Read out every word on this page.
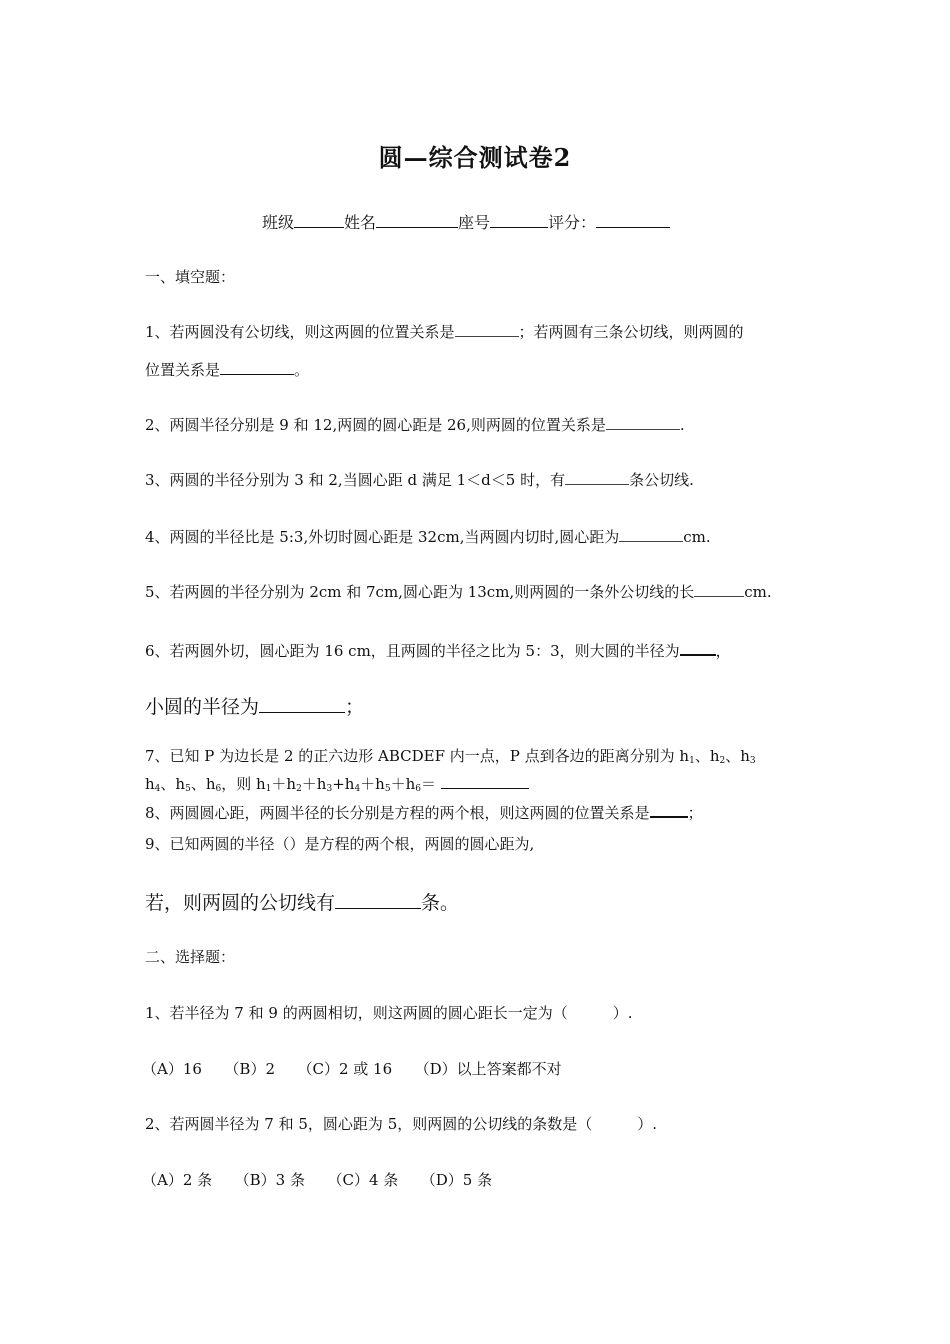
圆—综合测试卷2
班级	姓名	座号	评分：
一、填空题：
1、若两圆没有公切线，则这两圆的位置关系是	；若两圆有三条公切线，则两圆的
位置关系是	。
2、两圆半径分别是 9 和 12,两圆的圆心距是 26,则两圆的位置关系是	.
3、两圆的半径分别为 3 和 2,当圆心距 d 满足 1＜d＜5 时，有	条公切线.
4、两圆的半径比是 5:3,外切时圆心距是 32cm,当两圆内切时,圆心距为	cm.
5、若两圆的半径分别为 2cm 和 7cm,圆心距为 13cm,则两圆的一条外公切线的长	cm.
6、若两圆外切，圆心距为 16 cm，且两圆的半径之比为 5：3，则大圆的半径为 ，
小圆的半径为	；
7、已知 P 为边长是 2 的正六边形 ABCDEF 内一点，P 点到各边的距离分别为 $h_1$、$h_2$、$h_3$
$h_4$、$h_5$、$h_6$，则 $h_1+h_2+h_3+h_4+h_5+h_6=$
8、两圆圆心距，两圆半径的长分别是方程的两个根，则这两圆的位置关系是	；
9、已知两圆的半径（）是方程的两个根，两圆的圆心距为,
若，则两圆的公切线有	条。
二、选择题：
1、若半径为 7 和 9 的两圆相切，则这两圆的圆心距长一定为（　　　）.
（A）16　　（B）2　　（C）2 或 16　　（D）以上答案都不对
2、若两圆半径为 7 和 5，圆心距为 5，则两圆的公切线的条数是（　　　）.
（A）2 条　　（B）3 条　　（C）4 条　　（D）5 条
